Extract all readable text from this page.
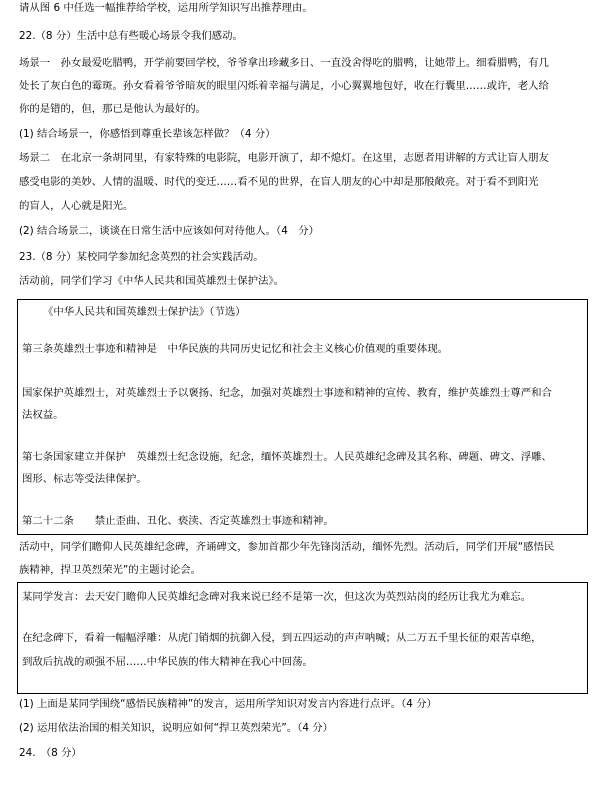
请从图 6 中任选一幅推荐给学校，运用所学知识写出推荐理由。
22.（8 分）生活中总有些暖心场景令我们感动。
场景一　孙女最爱吃腊鸭，开学前要回学校，爷爷拿出珍藏多日、一直没舍得吃的腊鸭，让她带上。细看腊鸭，有几
处长了灰白色的霉斑。孙女看着爷爷暗灰的眼里闪烁着幸福与满足，小心翼翼地包好，收在行囊里……或许，老人给
你的是错的，但，那已是他认为最好的。
(1) 结合场景一，你感悟到尊重长辈该怎样做？（4 分）
场景二　在北京一条胡同里，有家特殊的电影院，电影开演了，却不熄灯。在这里，志愿者用讲解的方式让盲人朋友
感受电影的美妙、人情的温暖、时代的变迁……看不见的世界，在盲人朋友的心中却是那般敞亮。对于看不到阳光
的盲人，人心就是阳光。
(2) 结合场景二，谈谈在日常生活中应该如何对待他人。（4　分）
23.（8 分）某校同学参加纪念英烈的社会实践活动。
活动前，同学们学习《中华人民共和国英雄烈士保护法》。
《中华人民共和国英雄烈士保护法》（节选）
第三条英雄烈士事迹和精神是　中华民族的共同历史记忆和社会主义核心价值观的重要体现。
国家保护英雄烈士，对英雄烈士予以褒扬、纪念，加强对英雄烈士事迹和精神的宣传、教育，维护英雄烈士尊严和合
法权益。
第七条国家建立并保护　英雄烈士纪念设施，纪念，缅怀英雄烈士。人民英雄纪念碑及其名称、碑题、碑文、浮雕、
图形、标志等受法律保护。
第二十二条　　禁止歪曲、丑化、亵渎、否定英雄烈士事迹和精神。
活动中，同学们瞻仰人民英雄纪念碑，齐诵碑文，参加首都少年先锋岗活动，缅怀先烈。活动后，同学们开展“感悟民
族精神，捍卫英烈荣光”的主题讨论会。
某同学发言：去天安门瞻仰人民英雄纪念碑对我来说已经不是第一次，但这次为英烈站岗的经历让我尤为难忘。
在纪念碑下，看着一幅幅浮雕：从虎门销烟的抗御入侵，到五四运动的声声呐喊；从二万五千里长征的艰苦卓绝，
到敌后抗战的顽强不屈……中华民族的伟大精神在我心中回荡。
(1) 上面是某同学围绕“感悟民族精神”的发言，运用所学知识对发言内容进行点评。（4 分）
(2) 运用依法治国的相关知识，说明应如何“捍卫英烈荣光”。（4 分）
24.　（8 分）
